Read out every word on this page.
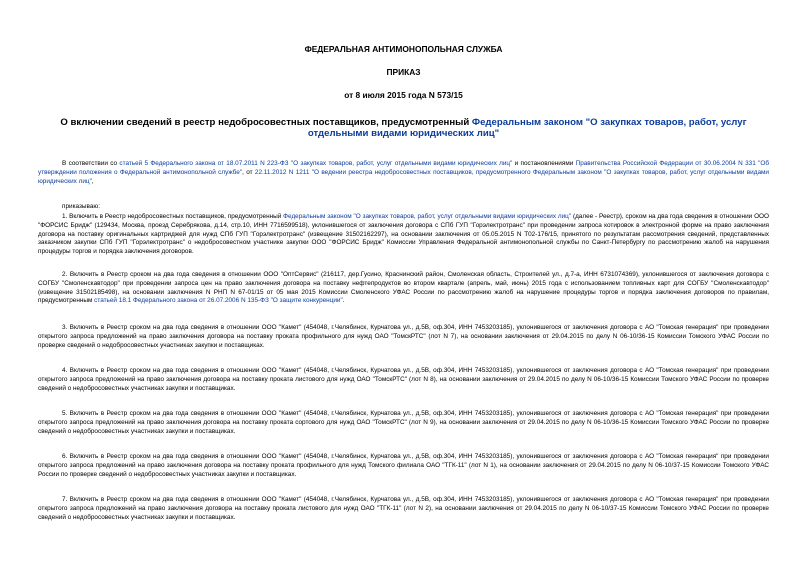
ФЕДЕРАЛЬНАЯ АНТИМОНОПОЛЬНАЯ СЛУЖБА
ПРИКАЗ
от 8 июля 2015 года N 573/15
О включении сведений в реестр недобросовестных поставщиков, предусмотренный Федеральным законом "О закупках товаров, работ, услуг отдельными видами юридических лиц"
В соответствии со статьей 5 Федерального закона от 18.07.2011 N 223-ФЗ "О закупках товаров, работ, услуг отдельными видами юридических лиц" и постановлениями Правительства Российской Федерации от 30.06.2004 N 331 "Об утверждении положения о Федеральной антимонопольной службе", от 22.11.2012 N 1211 "О ведении реестра недобросовестных поставщиков, предусмотренного Федеральным законом "О закупках товаров, работ, услуг отдельными видами юридических лиц",
приказываю:
1. Включить в Реестр недобросовестных поставщиков, предусмотренный Федеральным законом "О закупках товаров, работ, услуг отдельными видами юридических лиц" (далее - Реестр), сроком на два года сведения в отношении ООО "ФОРСИС Бридж" (129434, Москва, проезд Серебрякова, д.14, стр.10, ИНН 7716599518), уклонившегося от заключения договора с СПб ГУП "Горэлектротранс" при проведении запроса котировок в электронной форме на право заключения договора на поставку оригинальных картриджей для нужд СПб ГУП "Горэлектротранс" (извещение 31502162297), на основании заключения от 05.05.2015 N Т02-176/15, принятого по результатам рассмотрения сведений, представленных заказчиком закупки СПб ГУП "Горэлектротранс" о недобросовестном участнике закупки ООО "ФОРСИС Бридж" Комиссии Управления Федеральной антимонопольной службы по Санкт-Петербургу по рассмотрению жалоб на нарушения процедуры торгов и порядка заключения договоров.
2. Включить в Реестр сроком на два года сведения в отношении ООО "ОптСервис" (216117, дер.Гусино, Краснинский район, Смоленская область, Строителей ул., д.7-а, ИНН 6731074369), уклонившегося от заключения договора с СОГБУ "Смоленскавтодор" при проведении запроса цен на право заключения договора на поставку нефтепродуктов во втором квартале (апрель, май, июнь) 2015 года с использованием топливных карт для СОГБУ "Смоленскавтодор" (извещение 31502185498), на основании заключения N РНП N 67-01/15 от 05 мая 2015 Комиссии Смоленского УФАС России по рассмотрению жалоб на нарушение процедуры торгов и порядка заключения договоров по правилам, предусмотренным статьей 18.1 Федерального закона от 26.07.2006 N 135-ФЗ "О защите конкуренции".
3. Включить в Реестр сроком на два года сведения в отношении ООО "Камет" (454048, г.Челябинск, Курчатова ул., д.5В, оф.304, ИНН 7453203185), уклонившегося от заключения договора с АО "Томская генерация" при проведении открытого запроса предложений на право заключения договора на поставку проката профильного для нужд ОАО "ТомскРТС" (лот N 7), на основании заключения от 29.04.2015 по делу N 06-10/36-15 Комиссии Томского УФАС России по проверке сведений о недобросовестных участниках закупки и поставщиках.
4. Включить в Реестр сроком на два года сведения в отношении ООО "Камет" (454048, г.Челябинск, Курчатова ул., д.5В, оф.304, ИНН 7453203185), уклонившегося от заключения договора с АО "Томская генерация" при проведении открытого запроса предложений на право заключения договора на поставку проката листового для нужд ОАО "ТомскРТС" (лот N 8), на основании заключения от 29.04.2015 по делу N 06-10/36-15 Комиссии Томского УФАС России по проверке сведений о недобросовестных участниках закупки и поставщиках.
5. Включить в Реестр сроком на два года сведения в отношении ООО "Камет" (454048, г.Челябинск, Курчатова ул., д.5В, оф.304, ИНН 7453203185), уклонившегося от заключения договора с АО "Томская генерация" при проведении открытого запроса предложений на право заключения договора на поставку проката сортового для нужд ОАО "ТомскРТС" (лот N 9), на основании заключения от 29.04.2015 по делу N 06-10/36-15 Комиссии Томского УФАС России по проверке сведений о недобросовестных участниках закупки и поставщиках.
6. Включить в Реестр сроком на два года сведения в отношении ООО "Камет" (454048, г.Челябинск, Курчатова ул., д.5В, оф.304, ИНН 7453203185), уклонившегося от заключения договора с АО "Томская генерация" при проведении открытого запроса предложений на право заключения договора на поставку проката профильного для нужд Томского филиала ОАО "ТГК-11" (лот N 1), на основании заключения от 29.04.2015 по делу N 06-10/37-15 Комиссии Томского УФАС России по проверке сведений о недобросовестных участниках закупки и поставщиках.
7. Включить в Реестр сроком на два года сведения в отношении ООО "Камет" (454048, г.Челябинск, Курчатова ул., д.5В, оф.304, ИНН 7453203185), уклонившегося от заключения договора с АО "Томская генерация" при проведении открытого запроса предложений на право заключения договора на поставку проката листового для нужд ОАО "ТГК-11" (лот N 2), на основании заключения от 29.04.2015 по делу N 06-10/37-15 Комиссии Томского УФАС России по проверке сведений о недобросовестных участниках закупки и поставщиках.
